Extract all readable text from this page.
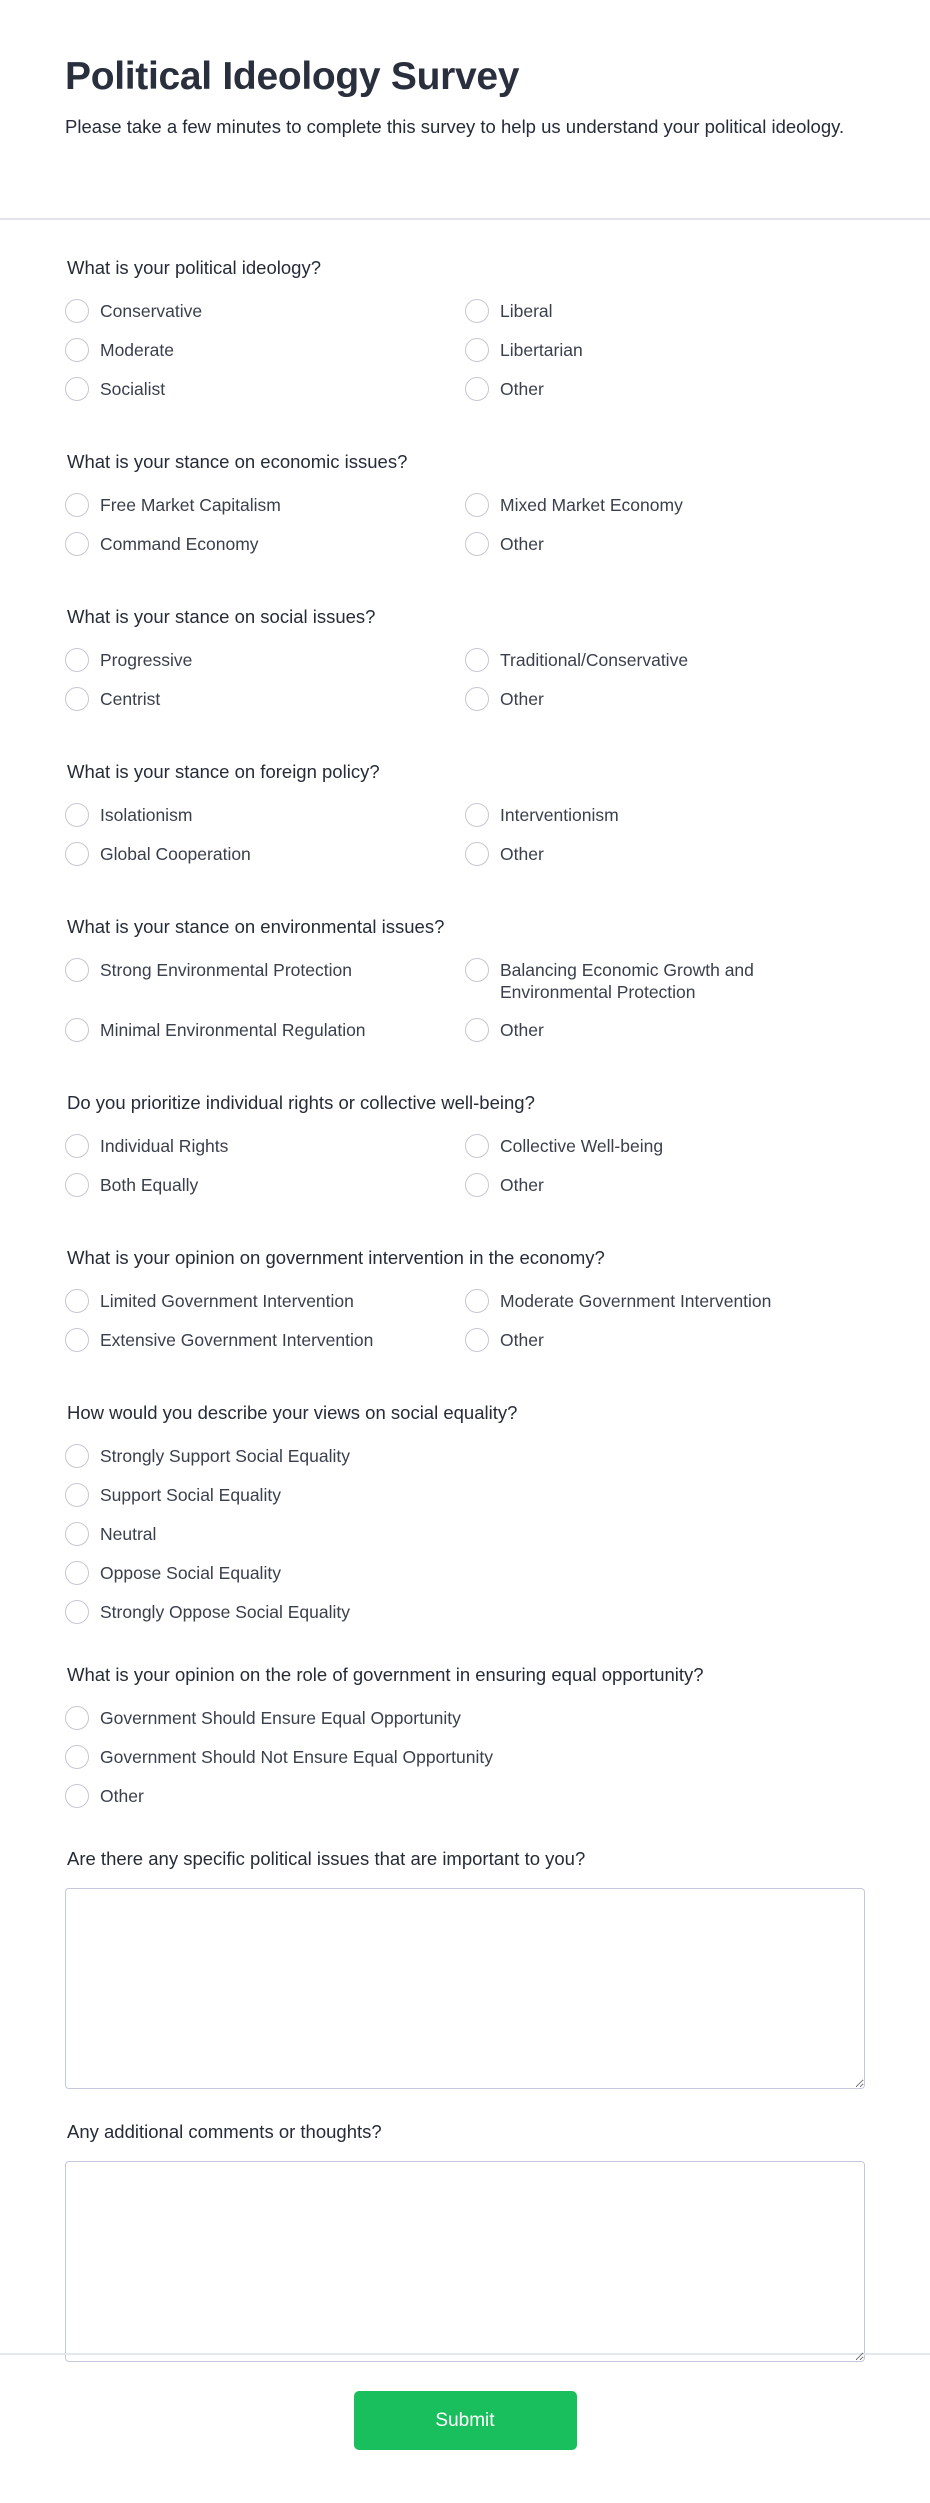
Political Ideology Survey

Please take a few minutes to complete this survey to help us understand your political ideology.

What is your political ideology?
Conservative	Liberal
Moderate	Libertarian
Socialist	Other
What is your stance on economic issues?
Free Market Capitalism	Mixed Market Economy
Command Economy	Other
What is your stance on social issues?
Progressive	Traditional/Conservative
Centrist	Other
What is your stance on foreign policy?
Isolationism	Interventionism
Global Cooperation	Other
What is your stance on environmental issues?
Strong Environmental Protection	Balancing Economic Growth and Environmental Protection
Minimal Environmental Regulation	Other
Do you prioritize individual rights or collective well-being?
Individual Rights	Collective Well-being
Both Equally	Other
What is your opinion on government intervention in the economy?
Limited Government Intervention	Moderate Government Intervention
Extensive Government Intervention	Other
How would you describe your views on social equality?
Strongly Support Social Equality
Support Social Equality
Neutral
Oppose Social Equality
Strongly Oppose Social Equality
What is your opinion on the role of government in ensuring equal opportunity?
Government Should Ensure Equal Opportunity
Government Should Not Ensure Equal Opportunity
Other
Are there any specific political issues that are important to you?
Any additional comments or thoughts?
Submit
